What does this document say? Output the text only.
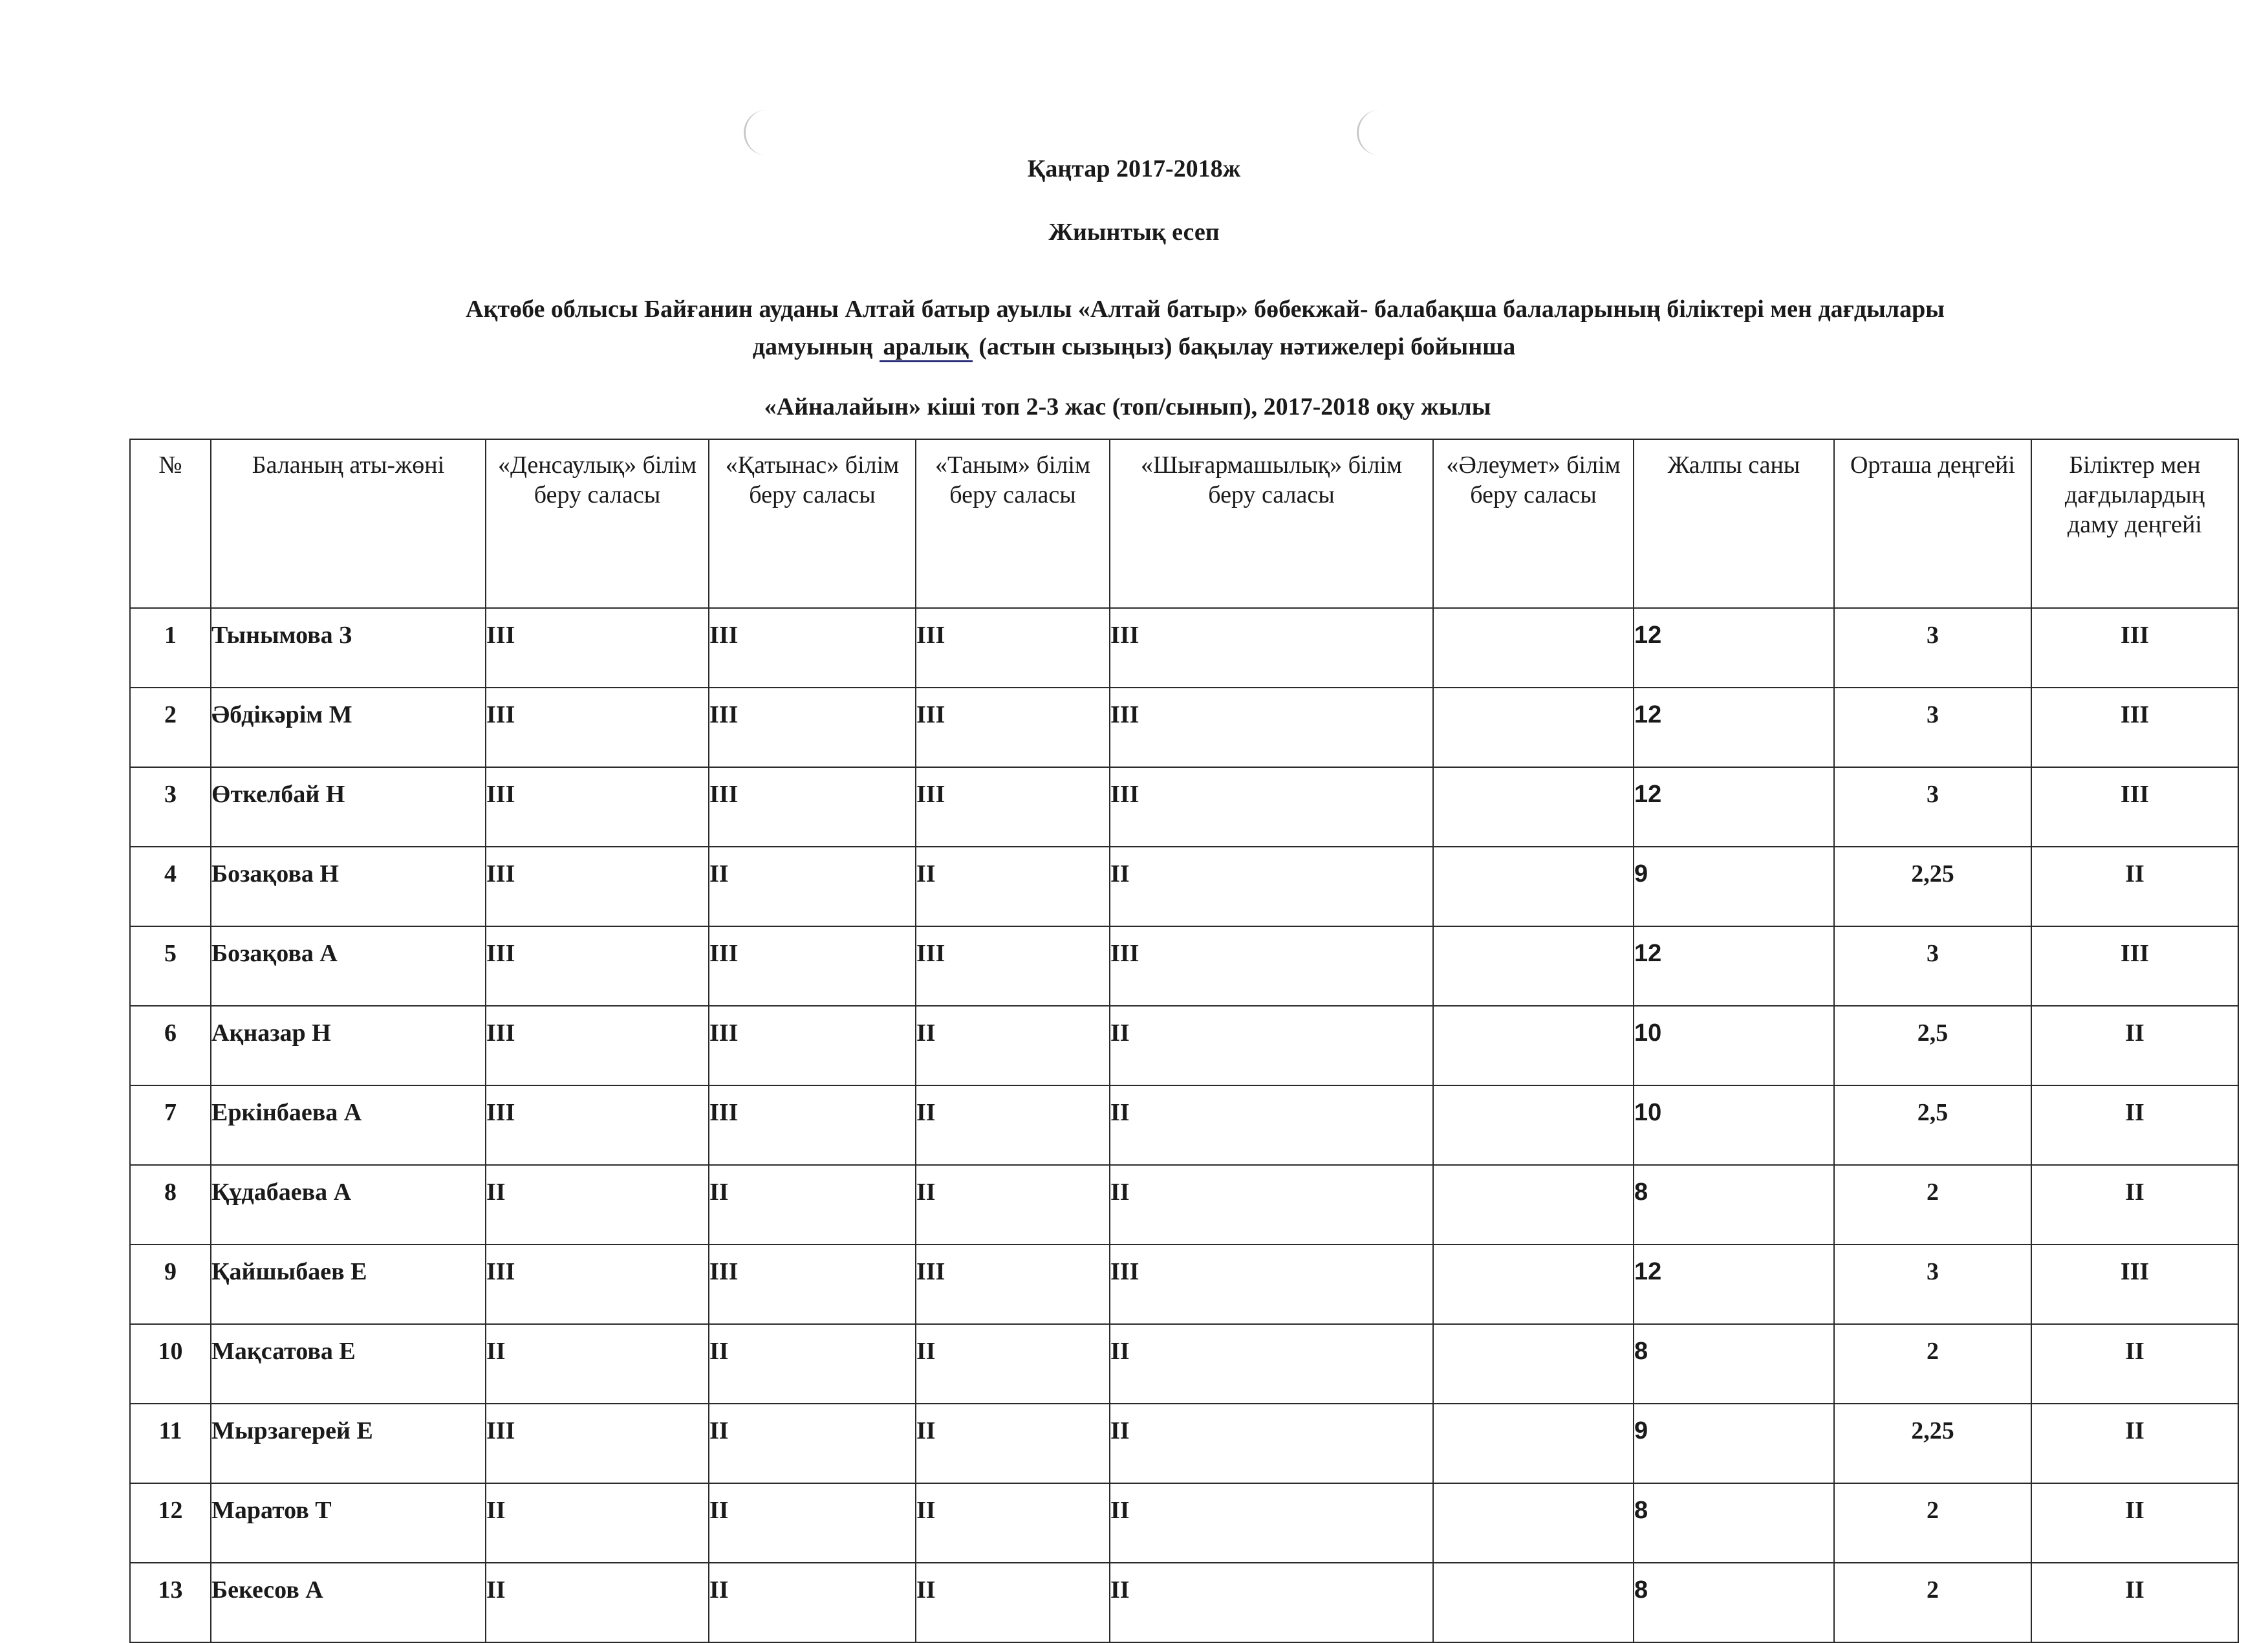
Қаңтар 2017-2018ж
Жиынтық есеп
Ақтөбе облысы Байғанин ауданы Алтай батыр ауылы «Алтай батыр» бөбекжай- балабақша балаларының біліктері мен дағдылары
дамуының аралық (астын сызыңыз) бақылау нәтижелері бойынша
«Айналайын» кіші топ 2-3 жас (топ/сынып), 2017-2018 оқу жылы
№	Баланың аты-жөні	«Денсаулық» білім беру саласы	«Қатынас» білім беру саласы	«Таным» білім беру саласы	«Шығармашылық» білім беру саласы	«Әлеумет» білім беру саласы	Жалпы саны	Орташа деңгейі	Біліктер мен дағдылардың даму деңгейі

1	Тынымова З	ІІІ	ІІІ	ІІІ	ІІІ		12	3	ІІІ
2	Әбдікәрім М	ІІІ	ІІІ	ІІІ	ІІІ		12	3	ІІІ
3	Өткелбай Н	ІІІ	ІІІ	ІІІ	ІІІ		12	3	ІІІ
4	Бозақова Н	ІІІ	ІІ	ІІ	ІІ		9	2,25	ІІ
5	Бозақова А	ІІІ	ІІІ	ІІІ	ІІІ		12	3	ІІІ
6	Ақназар Н	ІІІ	ІІІ	ІІ	ІІ		10	2,5	ІІ
7	Еркінбаева А	ІІІ	ІІІ	ІІ	ІІ		10	2,5	ІІ
8	Құдабаева А	ІІ	ІІ	ІІ	ІІ		8	2	ІІ
9	Қайшыбаев Е	ІІІ	ІІІ	ІІІ	ІІІ		12	3	ІІІ
10	Мақсатова Е	ІІ	ІІ	ІІ	ІІ		8	2	ІІ
11	Мырзагерей Е	ІІІ	ІІ	ІІ	ІІ		9	2,25	ІІ
12	Маратов Т	ІІ	ІІ	ІІ	ІІ		8	2	ІІ
13	Бекесов А	ІІ	ІІ	ІІ	ІІ		8	2	ІІ
